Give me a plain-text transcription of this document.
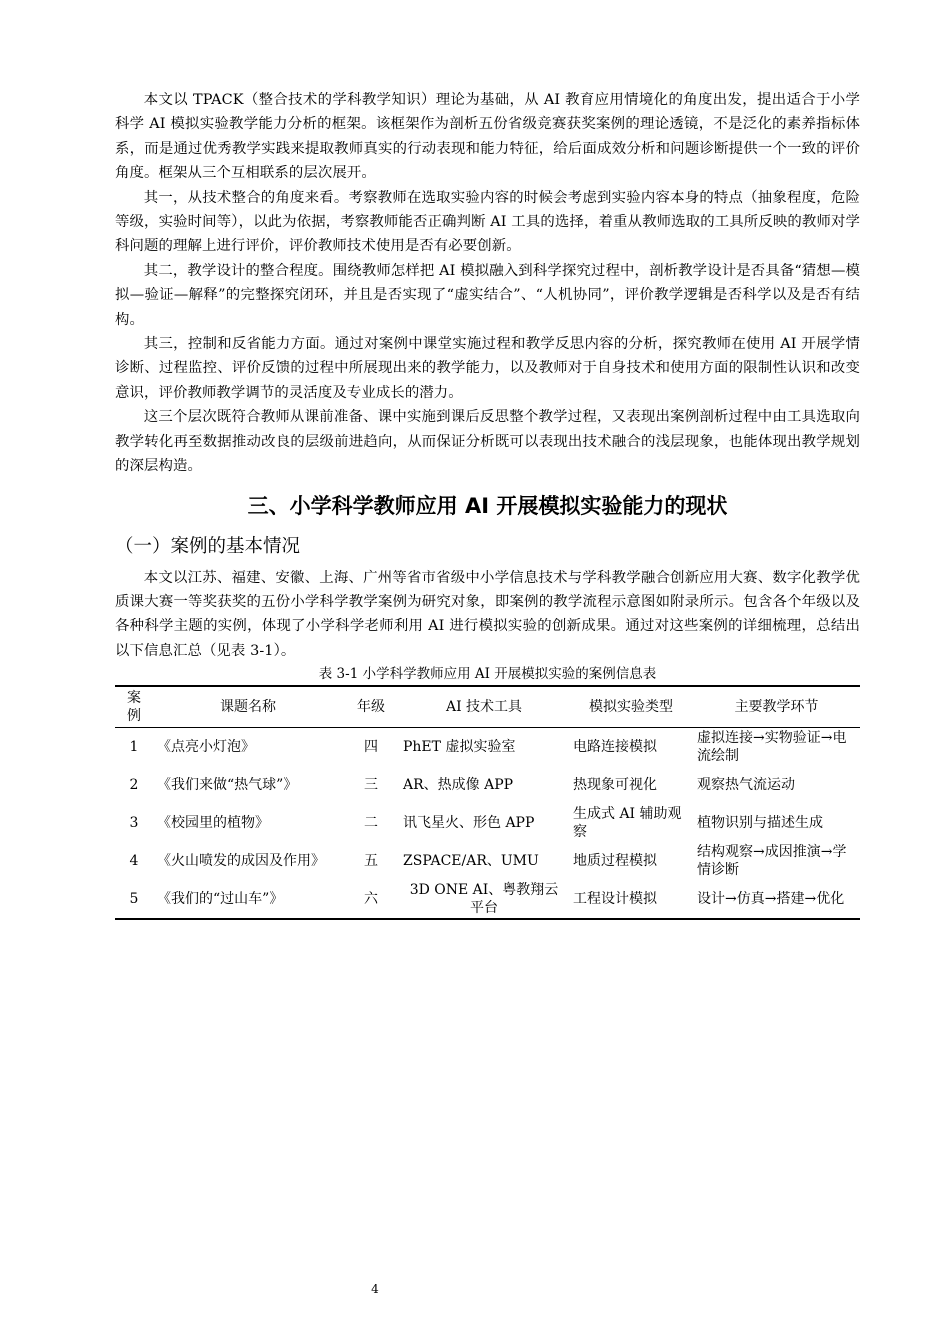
本文以 TPACK（整合技术的学科教学知识）理论为基础，从 AI 教育应用情境化的角度出发，提出适合于小学科学 AI 模拟实验教学能力分析的框架。该框架作为剖析五份省级竞赛获奖案例的理论透镜，不是泛化的素养指标体系，而是通过优秀教学实践来提取教师真实的行动表现和能力特征，给后面成效分析和问题诊断提供一个一致的评价角度。框架从三个互相联系的层次展开。

其一，从技术整合的角度来看。考察教师在选取实验内容的时候会考虑到实验内容本身的特点（抽象程度，危险等级，实验时间等），以此为依据，考察教师能否正确判断 AI 工具的选择，着重从教师选取的工具所反映的教师对学科问题的理解上进行评价，评价教师技术使用是否有必要创新。

其二，教学设计的整合程度。围绕教师怎样把 AI 模拟融入到科学探究过程中，剖析教学设计是否具备“猜想—模拟—验证—解释”的完整探究闭环，并且是否实现了“虚实结合”、“人机协同”，评价教学逻辑是否科学以及是否有结构。

其三，控制和反省能力方面。通过对案例中课堂实施过程和教学反思内容的分析，探究教师在使用 AI 开展学情诊断、过程监控、评价反馈的过程中所展现出来的教学能力，以及教师对于自身技术和使用方面的限制性认识和改变意识，评价教师教学调节的灵活度及专业成长的潜力。

这三个层次既符合教师从课前准备、课中实施到课后反思整个教学过程，又表现出案例剖析过程中由工具选取向教学转化再至数据推动改良的层级前进趋向，从而保证分析既可以表现出技术融合的浅层现象，也能体现出教学规划的深层构造。

三、小学科学教师应用 AI 开展模拟实验能力的现状
（一）案例的基本情况

本文以江苏、福建、安徽、上海、广州等省市省级中小学信息技术与学科教学融合创新应用大赛、数字化教学优质课大赛一等奖获奖的五份小学科学教学案例为研究对象，即案例的教学流程示意图如附录所示。包含各个年级以及各种科学主题的实例，体现了小学科学老师利用 AI 进行模拟实验的创新成果。通过对这些案例的详细梳理，总结出以下信息汇总（见表 3-1）。

表 3-1 小学科学教师应用 AI 开展模拟实验的案例信息表
案例	课题名称	年级	AI 技术工具	模拟实验类型	主要教学环节
1	《点亮小灯泡》	四	PhET 虚拟实验室	电路连接模拟	虚拟连接→实物验证→电流绘制
2	《我们来做“热气球”》	三	AR、热成像 APP	热现象可视化	观察热气流运动
3	《校园里的植物》	二	讯飞星火、形色 APP	生成式 AI 辅助观察	植物识别与描述生成
4	《火山喷发的成因及作用》	五	ZSPACE/AR、UMU	地质过程模拟	结构观察→成因推演→学情诊断
5	《我们的“过山车”》	六	3D ONE AI、粤教翔云平台	工程设计模拟	设计→仿真→搭建→优化
4
